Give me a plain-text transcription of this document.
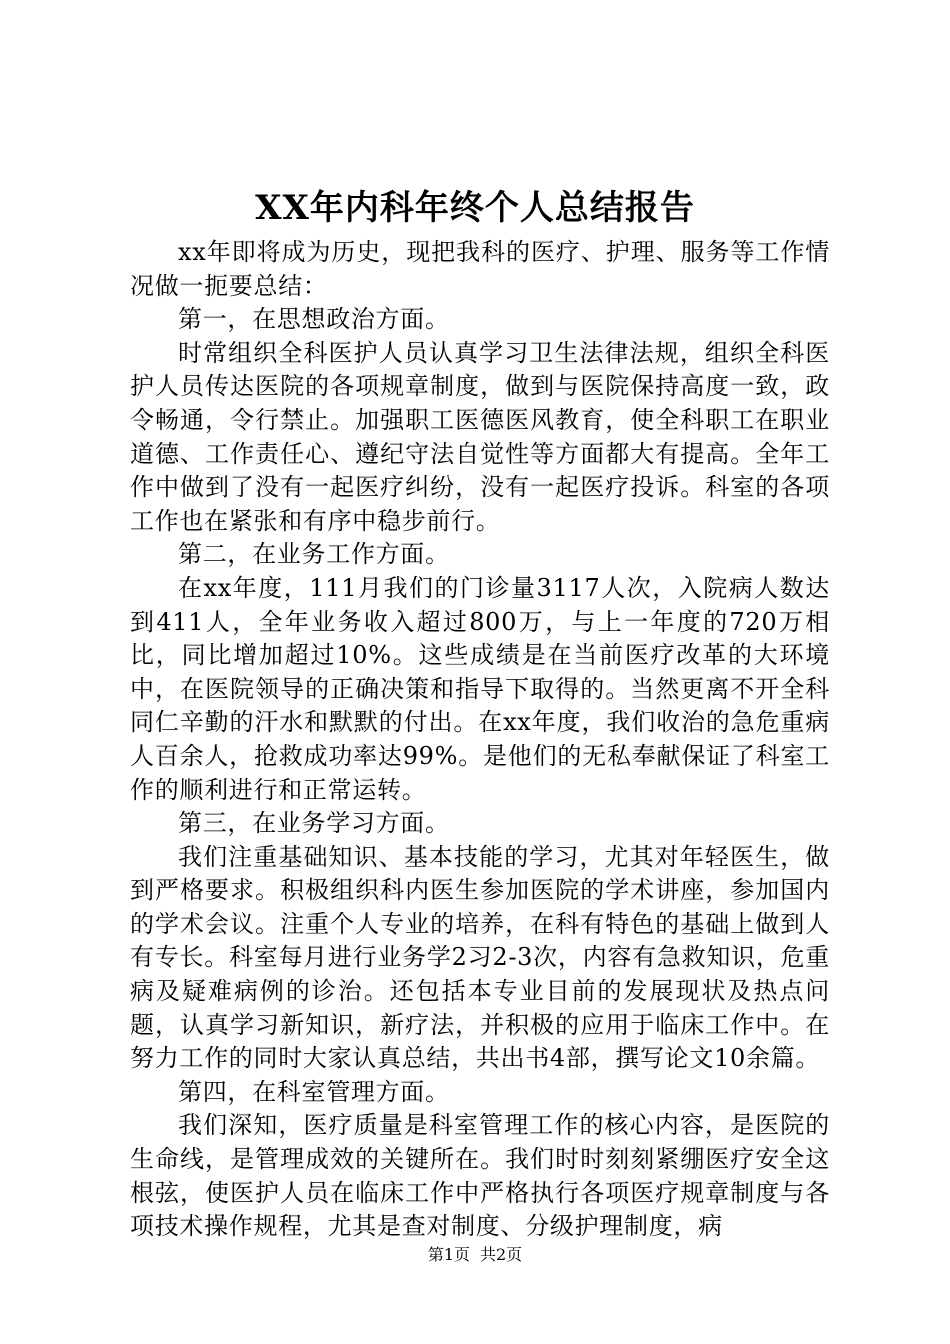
XX年内科年终个人总结报告

xx年即将成为历史，现把我科的医疗、护理、服务等工作情况做一扼要总结：

第一，在思想政治方面。

时常组织全科医护人员认真学习卫生法律法规，组织全科医护人员传达医院的各项规章制度，做到与医院保持高度一致，政令畅通，令行禁止。加强职工医德医风教育，使全科职工在职业道德、工作责任心、遵纪守法自觉性等方面都大有提高。全年工作中做到了没有一起医疗纠纷，没有一起医疗投诉。科室的各项工作也在紧张和有序中稳步前行。

第二，在业务工作方面。

在xx年度，111月我们的门诊量3117人次，入院病人数达到411人，全年业务收入超过800万，与上一年度的720万相比，同比增加超过10%。这些成绩是在当前医疗改革的大环境中，在医院领导的正确决策和指导下取得的。当然更离不开全科同仁辛勤的汗水和默默的付出。在xx年度，我们收治的急危重病人百余人，抢救成功率达99%。是他们的无私奉献保证了科室工作的顺利进行和正常运转。

第三，在业务学习方面。

我们注重基础知识、基本技能的学习，尤其对年轻医生，做到严格要求。积极组织科内医生参加医院的学术讲座，参加国内的学术会议。注重个人专业的培养，在科有特色的基础上做到人有专长。科室每月进行业务学2习2-3次，内容有急救知识，危重病及疑难病例的诊治。还包括本专业目前的发展现状及热点问题，认真学习新知识，新疗法，并积极的应用于临床工作中。在努力工作的同时大家认真总结，共出书4部，撰写论文10余篇。

第四，在科室管理方面。

我们深知，医疗质量是科室管理工作的核心内容，是医院的生命线，是管理成效的关键所在。我们时时刻刻紧绷医疗安全这根弦，使医护人员在临床工作中严格执行各项医疗规章制度与各项技术操作规程，尤其是查对制度、分级护理制度，病

第1页 共2页
